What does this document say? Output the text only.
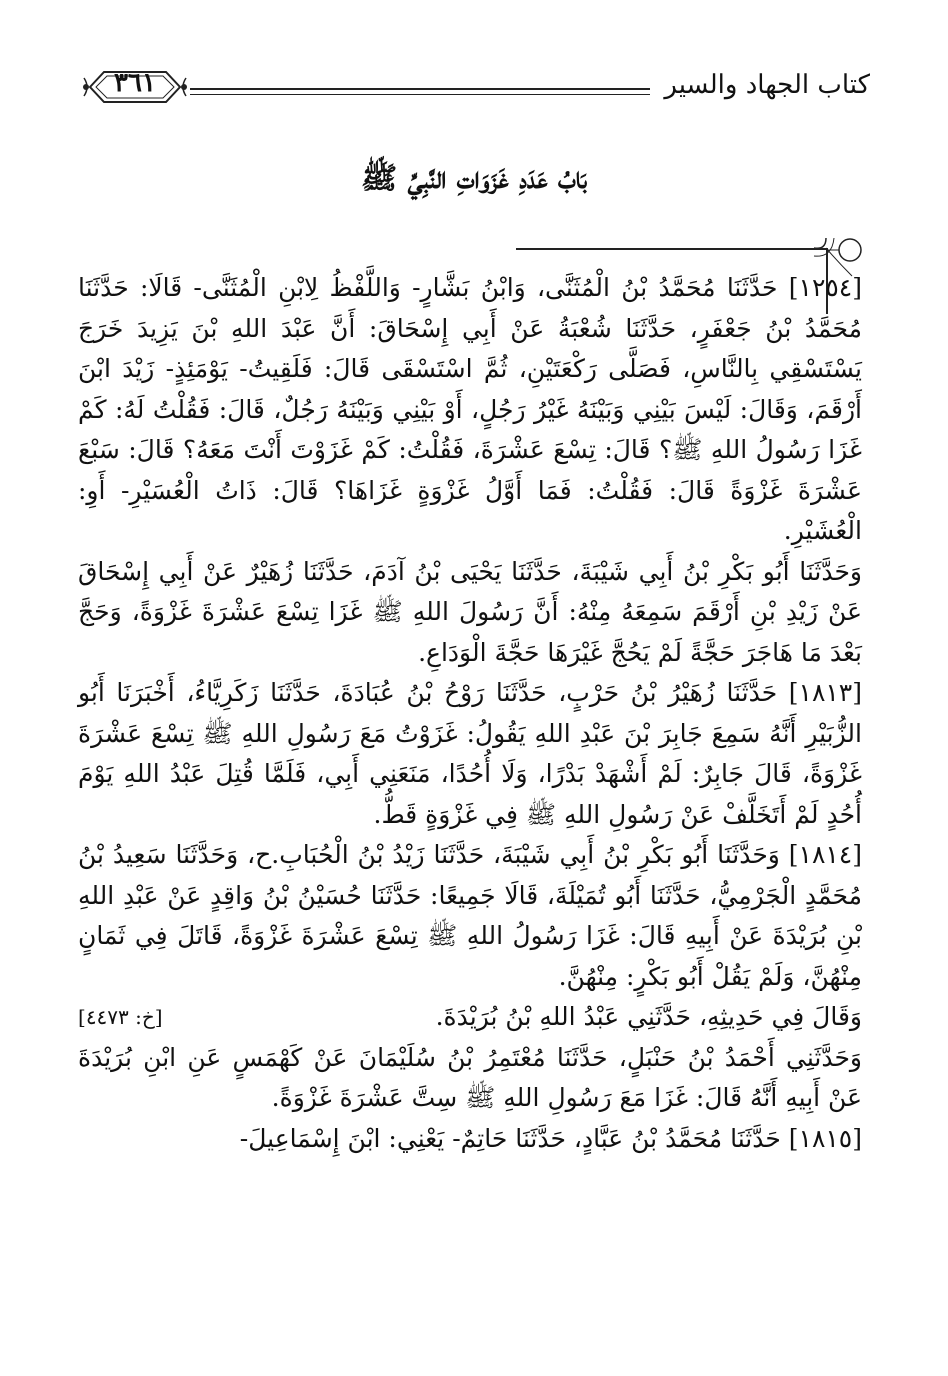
كتاب الجهاد والسير
٣٦١
بَابُ عَدَدِ غَزَوَاتِ النَّبِيِّ ﷺ

[١٢٥٤] حَدَّثَنَا مُحَمَّدُ بْنُ الْمُثَنَّى، وَابْنُ بَشَّارٍ- وَاللَّفْظُ لِابْنِ الْمُثَنَّى- قَالَا: حَدَّثَنَا مُحَمَّدُ بْنُ جَعْفَرٍ، حَدَّثَنَا شُعْبَةُ عَنْ أَبِي إِسْحَاقَ: أَنَّ عَبْدَ اللهِ بْنَ يَزِيدَ خَرَجَ يَسْتَسْقِي بِالنَّاسِ، فَصَلَّى رَكْعَتَيْنِ، ثُمَّ اسْتَسْقَى قَالَ: فَلَقِيتُ- يَوْمَئِذٍ- زَيْدَ ابْنَ أَرْقَمَ، وَقَالَ: لَيْسَ بَيْنِي وَبَيْنَهُ غَيْرُ رَجُلٍ، أَوْ بَيْنِي وَبَيْنَهُ رَجُلٌ، قَالَ: فَقُلْتُ لَهُ: كَمْ غَزَا رَسُولُ اللهِ ﷺ؟ قَالَ: تِسْعَ عَشْرَةَ، فَقُلْتُ: كَمْ غَزَوْتَ أَنْتَ مَعَهُ؟ قَالَ: سَبْعَ عَشْرَةَ غَزْوَةً قَالَ: فَقُلْتُ: فَمَا أَوَّلُ غَزْوَةٍ غَزَاهَا؟ قَالَ: ذَاتُ الْعُسَيْرِ- أَوِ: الْعُشَيْرِ.

وَحَدَّثَنَا أَبُو بَكْرِ بْنُ أَبِي شَيْبَةَ، حَدَّثَنَا يَحْيَى بْنُ آدَمَ، حَدَّثَنَا زُهَيْرٌ عَنْ أَبِي إِسْحَاقَ عَنْ زَيْدِ بْنِ أَرْقَمَ سَمِعَهُ مِنْهُ: أَنَّ رَسُولَ اللهِ ﷺ غَزَا تِسْعَ عَشْرَةَ غَزْوَةً، وَحَجَّ بَعْدَ مَا هَاجَرَ حَجَّةً لَمْ يَحُجَّ غَيْرَهَا حَجَّةَ الْوَدَاعِ.

[١٨١٣] حَدَّثَنَا زُهَيْرُ بْنُ حَرْبٍ، حَدَّثَنَا رَوْحُ بْنُ عُبَادَةَ، حَدَّثَنَا زَكَرِيَّاءُ، أَخْبَرَنَا أَبُو الزُّبَيْرِ أَنَّهُ سَمِعَ جَابِرَ بْنَ عَبْدِ اللهِ يَقُولُ: غَزَوْتُ مَعَ رَسُولِ اللهِ ﷺ تِسْعَ عَشْرَةَ غَزْوَةً، قَالَ جَابِرٌ: لَمْ أَشْهَدْ بَدْرًا، وَلَا أُحُدًا، مَنَعَنِي أَبِي، فَلَمَّا قُتِلَ عَبْدُ اللهِ يَوْمَ أُحُدٍ لَمْ أَتَخَلَّفْ عَنْ رَسُولِ اللهِ ﷺ فِي غَزْوَةٍ قَطُّ.

[١٨١٤] وَحَدَّثَنَا أَبُو بَكْرِ بْنُ أَبِي شَيْبَةَ، حَدَّثَنَا زَيْدُ بْنُ الْحُبَابِ.ح، وَحَدَّثَنَا سَعِيدُ بْنُ مُحَمَّدٍ الْجَرْمِيُّ، حَدَّثَنَا أَبُو تُمَيْلَةَ، قَالَا جَمِيعًا: حَدَّثَنَا حُسَيْنُ بْنُ وَاقِدٍ عَنْ عَبْدِ اللهِ بْنِ بُرَيْدَةَ عَنْ أَبِيهِ قَالَ: غَزَا رَسُولُ اللهِ ﷺ تِسْعَ عَشْرَةَ غَزْوَةً، قَاتَلَ فِي ثَمَانٍ مِنْهُنَّ، وَلَمْ يَقُلْ أَبُو بَكْرٍ: مِنْهُنَّ.

وَقَالَ فِي حَدِيثِهِ، حَدَّثَنِي عَبْدُ اللهِ بْنُ بُرَيْدَةَ.
[خ: ٤٤٧٣]

وَحَدَّثَنِي أَحْمَدُ بْنُ حَنْبَلٍ، حَدَّثَنَا مُعْتَمِرُ بْنُ سُلَيْمَانَ عَنْ كَهْمَسٍ عَنِ ابْنِ بُرَيْدَةَ عَنْ أَبِيهِ أَنَّهُ قَالَ: غَزَا مَعَ رَسُولِ اللهِ ﷺ سِتَّ عَشْرَةَ غَزْوَةً.

[١٨١٥] حَدَّثَنَا مُحَمَّدُ بْنُ عَبَّادٍ، حَدَّثَنَا حَاتِمٌ- يَعْنِي: ابْنَ إِسْمَاعِيلَ-
